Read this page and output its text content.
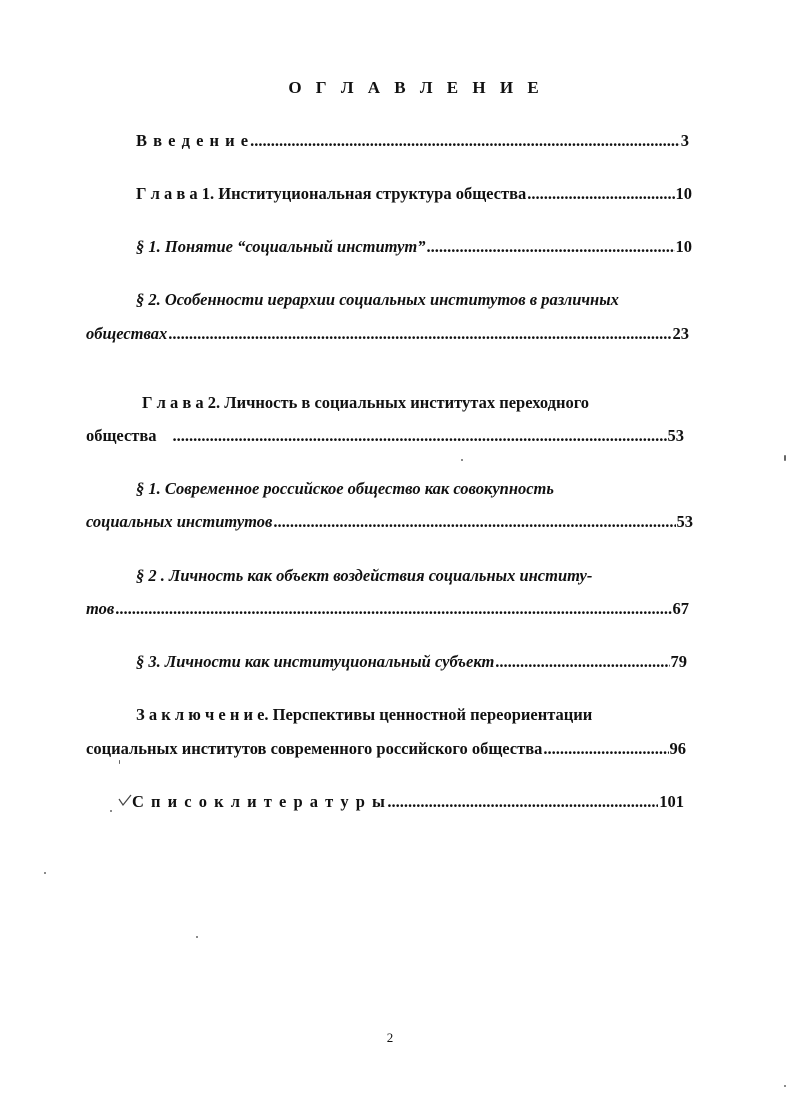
О Г Л А В Л Е Н И Е
В в е д е н и е .....	3
Г л а в а 1. Институциональная структура общества .....	10
§ 1. Понятие “социальный институт” .....	10
§ 2. Особенности иерархии социальных институтов в различных
обществах .....	23
Г л а в а 2. Личность в социальных институтах переходного
общества .....	53
§ 1. Современное российское общество как совокупность
социальных институтов .....	53
§ 2 . Личность как объект воздействия социальных институ-
тов .....	67
§ 3. Личности как институциональный субъект .....	79
З а к л ю ч е н и е. Перспективы ценностной переориентации
социальных институтов современного российского общества .....	96
С п и с о к л и т е р а т у р ы .....	101
2
